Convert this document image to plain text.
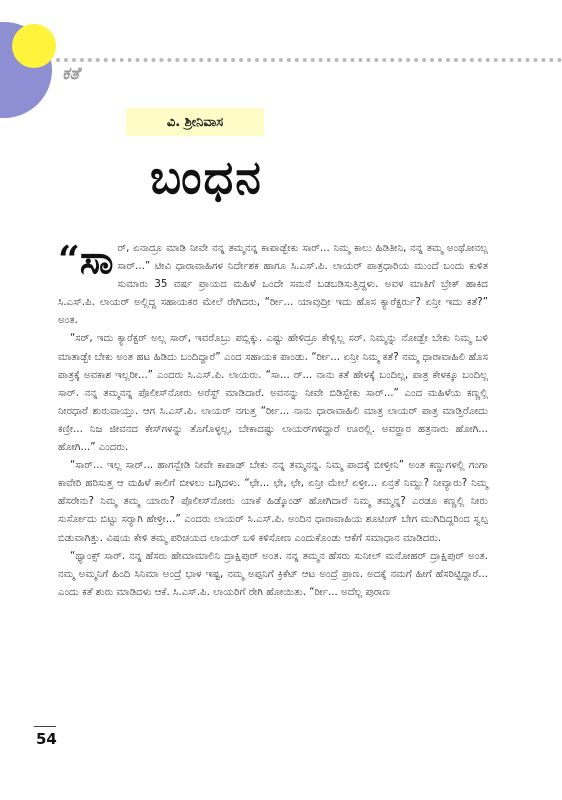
ಕತೆ
ವಿ. ಶ್ರೀನಿವಾಸ
ಬಂಧನ

“ಸಾರ್, ಏನಾದ್ರೂ ಮಾಡಿ ನೀವೇ ನನ್ನ ತಮ್ಮನನ್ನ ಕಾಪಾಡ್ಬೇಕು ಸಾರ್... ನಿಮ್ಮ ಕಾಲು ಹಿಡಿತೀನಿ, ನನ್ನ ತಮ್ಮ ಅಂಥೋನಲ್ಲ ಸಾರ್...” ಟೀವಿ ಧಾರಾವಾಹಿಗಳ ನಿರ್ದೇಶಕ ಹಾಗೂ ಸಿ.ಎಸ್.ಪಿ. ಲಾಯರ್ ಪಾತ್ರಧಾರಿಯ ಮುಂದೆ ಬಂದು ಕುಳಿತ ಸುಮಾರು 35 ವರ್ಷ ಪ್ರಾಯದ ಮಹಿಳೆ ಒಂದೇ ಸಮನೆ ಬಡಬಡಿಸುತ್ತಿದ್ದಳು. ಅವಳ ಮಾತಿಗೆ ಬ್ರೇಕ್ ಹಾಕಿದ ಸಿ.ಎಸ್.ಪಿ. ಲಾಯರ್ ಅಲ್ಲಿದ್ದ ಸಹಾಯಕರ ಮೇಲೆ ರೇಗಿದರು, “ರ್ರೀ... ಯಾವುದ್ರೀ ಇದು ಹೊಸ ಕ್ಯಾರೆಕ್ಟರ್ರು? ಏನ್ರೀ ಇದು ಕತೆ?” ಅಂತ.

“ಸರ್, ಇದು ಕ್ಯಾರೆಕ್ಟರ್ ಅಲ್ಲ ಸಾರ್, ಇವರೊಬ್ರು ಪಬ್ಲಿಕ್ಕು. ಎಷ್ಟು ಹೇಳಿದ್ರೂ ಕೇಳ್ಲಿಲ್ಲ ಸರ್. ನಿಮ್ಮನ್ನು ನೋಡ್ಬೇ ಬೇಕು ನಿಮ್ಮ ಬಳಿ ಮಾತಾಡ್ಬೇ ಬೇಕು ಅಂತ ಹಟ ಹಿಡಿದು ಬಂದಿದ್ದಾರೆ” ಎಂದ ಸಹಾಯಕ ಪಾಂಡು. “ರ್ರೀ... ಏನ್ರೀ ನಿಮ್ಮ ಕತೆ? ನಮ್ಮ ಧಾರಾವಾಹಿಲಿ ಹೊಸ ಪಾತ್ರಕ್ಕೆ ಅವಕಾಶ ಇಲ್ಲರೀ...” ಎಂದರು ಸಿ.ಎಸ್.ಪಿ. ಲಾಯರು. “ಸಾ... ರ್... ನಾನು ಕತೆ ಹೇಳಕ್ಕೆ ಬಂದಿಲ್ಲ, ಪಾತ್ರ ಕೇಳಕ್ಕೂ ಬಂದಿಲ್ಲ ಸಾರ್. ನನ್ನ ತಮ್ಮನನ್ನ ಪೊಲೀಸ್‌ನೋರು ಅರೆಸ್ಟ್ ಮಾಡಿದಾರೆ. ಅವನನ್ನು ನೀವೇ ಬಿಡಿಸ್ಬೇಕು ಸಾರ್...” ಎಂದ ಮಹಿಳೆಯ ಕಣ್ಣಲ್ಲಿ ನೀರಧಾರೆ ಶುರುವಾಯ್ತು. ಆಗ ಸಿ.ಎಸ್.ಪಿ. ಲಾಯರ್ ನಗುತ್ತ “ರ್ರೀ... ನಾನು ಧಾರಾವಾಹಿಲಿ ಮಾತ್ರ ಲಾಯರ್ ಪಾತ್ರ ಮಾಡ್ತಿರೋದು ಕಣ್ರೀ... ನಿಜ ಜೀವನದ ಕೇಸ್‌ಗಳನ್ನು ತೊಗೊಳ್ಳಲ್ಲ, ಬೇಕಾದಷ್ಟು ಲಾಯರ್‌ಗಳಿದ್ದಾರೆ ಊರಲ್ಲಿ. ಅವರ್‍ಹಾರ ಹತ್ರನಾರು ಹೋಗಿ... ಹೋಗಿ...” ಎಂದರು.

“ಸಾರ್... ಇಲ್ಲ ಸಾರ್... ಹಾಗನ್ಬೇಡಿ ನೀವೇ ಕಾಪಾಡ್ ಬೇಕು ನನ್ನ ತಮ್ಮನನ್ನ. ನಿಮ್ಮ ಪಾದಕ್ಕೆ ಬೀಳ್ತೀನಿ” ಅಂತ ಕಣ್ಣುಗಳಲ್ಲಿ ಗಂಗಾ ಕಾವೇರಿ ಹರಿಸುತ್ತ ಆ ಮಹಿಳೆ ಕಾಲಿಗೆ ಬೀಳಲು ಬಗ್ಗಿದಳು. “ಛೇ... ಛೇ, ಛೇ, ಏನ್ರೀ ಮೇಲೆ ಏಳ್ರೀ... ಏನ್ರತೆ ನಿಮ್ದು? ನೀವ್ಯಾರು? ನಿಮ್ಮ ಹೆಸರೇನು? ನಿಮ್ಮ ತಮ್ಮ ಯಾರು? ಪೊಲೀಸ್‌ನೋರು ಯಾಕೆ ಹಿಡ್ಕೊಂಡ್ ಹೋಗಿದಾರೆ ನಿಮ್ಮ ತಮ್ಮನ್ನ? ಎರಡೂ ಕಣ್ಣಲ್ಲಿ ನೀರು ಸುರ್ಸೋದು ಬಿಟ್ಟು ಸರ್‍ಯಾಗಿ ಹೇಳ್ರೀ...” ಎಂದರು ಲಾಯರ್ ಸಿ.ಎಸ್.ಪಿ. ಅಂದಿನ ಧಾರಾವಾಹಿಯ ಶೂಟಿಂಗ್ ಬೇಗ ಮುಗಿದಿದ್ದರಿಂದ ಸ್ವಲ್ಪ ಬಿಡುವಾಗಿತ್ತು. ವಿಷಯ ಕೇಳಿ ತಮ್ಮ ಪರಿಚಯದ ಲಾಯರ್ ಬಳಿ ಕಳಿಸೋಣ ಎಂದುಕೊಂಡು ಆಕೆಗೆ ಸಮಾಧಾನ ಮಾಡಿದರು.

“ಥ್ಯಾಂಕ್ಸ್ ಸಾರ್. ನನ್ನ ಹೆಸರು ಹೇಮಾಮಾಲಿನಿ ದ್ರಾಕ್ಷಿಪುರ್ ಅಂತ. ನನ್ನ ತಮ್ಮನ ಹೆಸರು ಸುನೀಲ್ ಮನೋಹರ್ ದ್ರಾಕ್ಷಿಪುರ್ ಅಂತ. ನಮ್ಮ ಅಮ್ಮನಿಗೆ ಹಿಂದಿ ಸಿನಿಮಾ ಅಂದ್ರೆ ಭಾಳ ಇಷ್ಟ, ನಮ್ಮ ಅಪ್ಪನಿಗೆ ಕ್ರಿಕೆಟ್ ಆಟ ಅಂದ್ರೆ ಪ್ರಾಣ. ಅದಕ್ಕೆ ನಮಗೆ ಹೀಗೆ ಹೆಸರಿಟ್ಟಿದ್ದಾರೆ... ಎಂದು ಕತೆ ಶುರು ಮಾಡಿದಳು ಆಕೆ. ಸಿ.ಎಸ್.ಪಿ. ಲಾಯರಿಗೆ ರೇಗಿ ಹೋಯಿತು. “ರ್ರೀ... ಅದೆಲ್ಲ ಪುರಾಣ

54
